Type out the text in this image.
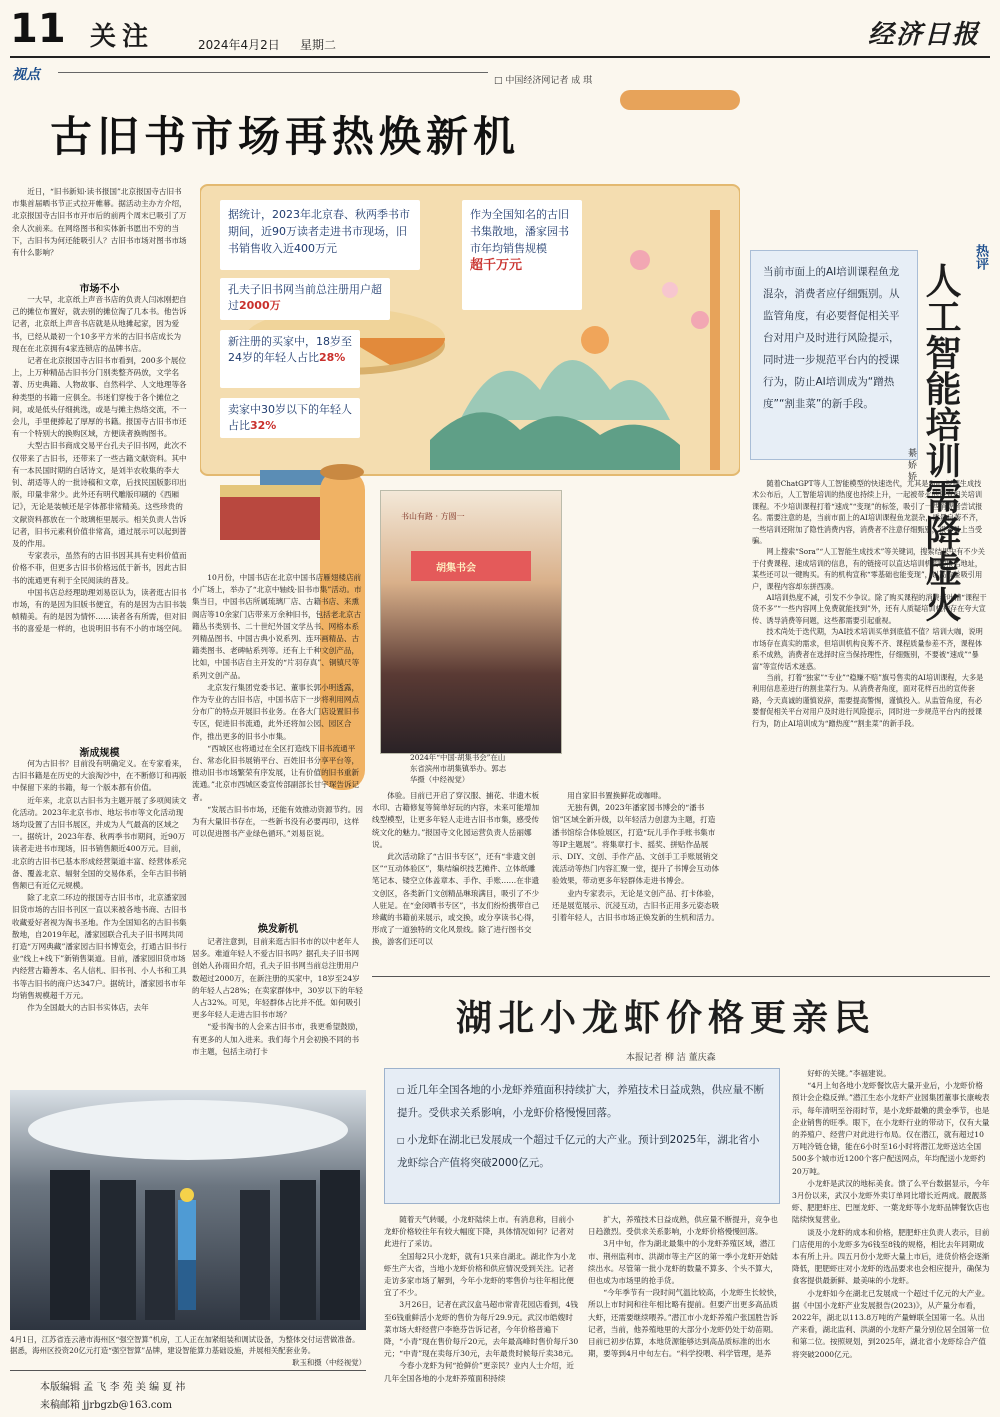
11 关注	2024年4月2日 星期二	经济日报
视点	□ 中国经济网记者 成 琪
古旧书市场再热焕新机
据统计，2023年北京春、秋两季书市期间，近90万读者走进书市现场，旧书销售收入近400万元
作为全国知名的古旧书集散地，潘家园书市年均销售规模
超千万元
孔夫子旧书网当前总注册用户超过2000万
新注册的买家中，18岁至24岁的年轻人占比28%
卖家中30岁以下的年轻人占比32%
书山有路 · 方圆一
胡集书会
2024年“中国·胡集书会”在山东省滨州市胡集镇举办。郭志华摄（中经视觉）

近日，“旧书新知·读书报国”北京报国寺古旧书市集首届晒书节正式拉开帷幕。据活动主办方介绍，北京报国寺古旧书市开市后的前两个周末已吸引了万余人次前来。在网络图书和实体新书愿出不穷的当下，古旧书为何还能吸引人？古旧书市场对图书市场有什么影响？

市场不小

一大早，北京纸上声音书店的负责人闫冰刚把自己的摊位布置好，就去别的摊位淘了几本书。他告诉记者，北京纸上声音书店就是从地摊起家，因为爱书，已经从最初一个10多平方米的古旧书店成长为现在在北京拥有4家连锁店的品牌书店。

记者在北京报国寺古旧书市看到，200多个展位上，上万种精品古旧书分门别类整齐码放，文学名著、历史典籍、人物故事、自然科学、人文地理等各种类型的书籍一应俱全。书迷们穿梭于各个摊位之间，或是低头仔细挑选，或是与摊主热络交流，不一会儿，手里便捧起了厚厚的书籍。报国寺古旧书市还有一个特别大的换购区域，方便读者换购图书。

大型古旧书商成交易平台孔夫子旧书网，此次不仅带来了古旧书，还带来了一些古籍文献资料。其中有一本民国时期的白话诗文，是刘半农收集的李大钊、胡适等人的一批诗稿和文章，后找民国版影印出版，印量非常少。此外还有明代雕版印刷的《西厢记》，无论是装帧还是字体都非常精美。这些珍贵的文献资料都放在一个玻璃柜里展示。相关负责人告诉记者，旧书元素利价值非常高，通过展示可以起到普及的作用。

专家表示，虽然有的古旧书因其具有史料价值而价格不菲，但更多古旧书价格远低于新书，因此古旧书的流通更有利于全民阅读的普及。

中国书店总经理助理刘易臣认为，读者逛古旧书市场，有的是因为旧版书便宜，有的是因为古旧书装帧精美。有的是因为情怀……读者各有所需，但对旧书的喜爱是一样的，也说明旧书有不小的市场空间。

渐成规模

何为古旧书？目前没有明确定义。在专家看来，古旧书籍是在历史的大浪淘沙中，在不断修订和再版中保留下来的书籍，每一个版本都有价值。

近年来，北京以古旧书为主题开展了多项阅读文化活动。2023年北京书市、地坛书市等文化活动现场均设置了古旧书展区，并成为人气最高的区域之一。据统计，2023年春、秋两季书市期间，近90万读者走进书市现场，旧书销售额近400万元。目前，北京的古旧书已基本形成经营渠道丰富、经营体系完备、覆盖北京、辐射全国的交易体系，全年古旧书销售额已有近亿元规模。

除了北京二环边的报国寺古旧书市，北京潘家园旧货市场的古旧书刊区一直以来被各地书商、古旧书收藏爱好者视为淘书圣地。作为全国知名的古旧书集散地，自2019年起，潘家园联合孔夫子旧书网共同打造“万网典藏”潘家园古旧书博览会，打通古旧书行业“线上+线下”新销售渠道。目前，潘家园旧货市场内经营古籍善本、名人信札、旧书刊、小人书和工具书等古旧书的商户达347户。据统计，潘家园书市年均销售规模超千万元。

作为全国最大的古旧书实体店，去年

10月份，中国书店在北京中国书店雁翅楼店前小广场上，举办了“北京中轴线·旧书市集”活动。市集当日，中国书店所属琉璃厂店、古籍书店、来熏阁店等10余家门店带来万余种旧书，包括老北京古籍丛书类别书、二十世纪外国文学丛书、网格本系列精品图书、中国古典小说系列、连环画精品、古籍类图书、老碑帖系列等。还有上千种文创产品，比如，中国书店自主开发的“片羽存真”、铜镇尺等系列文创产品。

北京发行集团党委书记、董事长郭小明透露，作为专业的古旧书店，中国书店下一步将利用网点分布广的特点开展旧书业务。在各大门店设置旧书专区，促进旧书流通，此外还将加公园、园区合作，推出更多的旧书小市集。

“西城区也将通过在全区打造线下旧书流通平台、常态化旧书展销平台、百姓旧书分享平台等，推动旧书市场繁荣有序发展，让有价值的旧书重新流通。”北京市西城区委宣传部副部长甘宇琛告诉记者。

“发展古旧书市场，还能有效推动资源节约。因为有大量旧书存在，一些新书没有必要再印，这样可以促进图书产业绿色循环。”刘易臣说。

焕发新机

记者注意到，目前来逛古旧书市的以中老年人居多。难道年轻人不爱古旧书吗？据孔夫子旧书网创始人孙雨田介绍，孔夫子旧书网当前总注册用户数超过2000万，在新注册的买家中，18岁至24岁的年轻人占28%；在卖家群体中，30岁以下的年轻人占32%。可见，年轻群体占比并不低。如何吸引更多年轻人走进古旧书市场？

“爱书淘书的人会来古旧书市，我更希望鼓励，有更多的人加入进来。我们每个月会初换不同的书市主题，包括主动打卡

体验。目前已开启了穿汉服、捕花、非遗木板水印、古籍修复等简单好玩的内容，未来可能增加线型模型，让更多年轻人走进古旧书市集，感受传统文化的魅力。”报国寺文化园运营负责人岳丽娜说。

此次活动除了“古旧书专区”，还有“非遗文创区”“互动体验区”，集结编织技艺摊件、立体纸雕笔记本、镂空立体盖章本、手作、手账……在非遗文创区，各类新门文创精品琳琅满目，吸引了不少人驻足。在“金闵晒书专区”，书友们纷纷携带自己珍藏的书籍前来展示，或交换，或分享读书心得，形成了一道独特的文化风景线。除了进行图书交换，游客们还可以

用自家旧书置换鲜花或咖啡。

无独有偶，2023年潘家园书博会的“潘书馆”区域全新升级，以年轻活力创意为主题，打造潘书馆综合体验展区，打造“玩儿手作手账书集市等IP主题展”。将集章打卡、摇奖、拼贴作品展示、DIY、文创、手作产品、文创手工手账展销交流活动等热门内容汇聚一堂，提升了书博会互动体验效果，带动更多年轻群体走进书博会。

业内专家表示，无论是文创产品、打卡体验，还是展览展示、沉浸互动，古旧书正用多元姿态吸引着年轻人，古旧书市场正焕发新的生机和活力。

热评
人工智能培训需降虚火
当前市面上的AI培训课程鱼龙混杂，消费者应仔细甄别。从监管角度，有必要督促相关平台对用户及时进行风险提示，同时进一步规范平台内的授课行为，防止AI培训成为“蹭热度”“割韭菜”的新手段。
綦 娇 娇

随着ChatGPT等人工智能模型的快速迭代，尤其是Sora视频生成技术公布后，人工智能培训的热度也持续上升，一起被带火的还有相关培训课程。不少培训课程打着“速成”“变现”的标签，吸引了一些消费者尝试报名。需要注意的是，当前市面上的AI培训课程鱼龙混杂，质量良莠不齐，一些培训还附加了隐性消费内容，消费者不注意仔细甄别，很容易上当受骗。

网上搜索“Sora”“人工智能生成技术”等关键词，搜索结果中有不少关于付费课程、速成培训的信息，有的链接可以直达培训机构的报名地址，某些还可以一键购买。有的机构宣称“零基础也能变现”，以高收益吸引用户，课程内容却东拼西凑。

AI培训热度不减，引发不少争议。除了购买课程的消费者吐槽“课程干货不多”“一些内容网上免费就能找到”外，还有人质疑培训机构存在夸大宣传、诱导消费等问题，这些都需要引起重视。

技术尚处于迭代期，为AI技术培训买单到底值不值？培训大咖，说明市场存在真实的需求，但培训机构良莠不齐、课程质量参差不齐，课程体系不成熟，消费者在选择时应当保持理性，仔细甄别，不要被“速成”“暴富”等宣传话术迷惑。

当前，打着“独家”“专业”“稳赚不赔”旗号售卖的AI培训课程，大多是利用信息差进行的割韭菜行为。从消费者角度，面对花样百出的宣传套路，今天真诚的谨慎说辞，需要提高警惕，谨慎投入。从监管角度，有必要督促相关平台对用户及时进行风险提示，同时进一步规范平台内的授课行为，防止AI培训成为“蹭热度”“割韭菜”的新手段。

湖北小龙虾价格更亲民
本报记者 柳 洁 董庆森
□ 近几年全国各地的小龙虾养殖面积持续扩大，养殖技术日益成熟，供应量不断提升。受供求关系影响，小龙虾价格慢慢回落。
□ 小龙虾在湖北已发展成一个超过千亿元的大产业。预计到2025年，湖北省小龙虾综合产值将突破2000亿元。

随着天气转暖，小龙虾陆续上市。有消息称，目前小龙虾价格较往年有较大幅度下降，具体情况如何？记者对此进行了采访。

全国每2只小龙虾，就有1只来自湖北。湖北作为小龙虾生产大省，当地小龙虾价格和供应情况受到关注。记者走访多家市场了解到，今年小龙虾的零售价与往年相比便宜了不少。

3月26日，记者在武汉盒马超市常青花园店看到，4钱至6钱重鲜活小龙虾的售价为每斤29.9元。武汉市皓嫂时菜市场大虾经营户李艳芬告诉记者，今年价格普遍下降，“小青”现在售价每斤20元，去年最高峰时售价每斤30元；“中青”现在卖每斤30元，去年最贵时候每斤卖38元。

今春小龙虾为何“抢鲜价”更亲民？业内人士介绍，近几年全国各地的小龙虾养殖面积持续

扩大，养殖技术日益成熟，供应量不断提升，竞争也日趋激烈。受供求关系影响，小龙虾价格慢慢回落。

3月中旬，作为湖北最集中的小龙虾养殖区域，潜江市、荆州监利市、洪湖市等主产区的第一季小龙虾开始陆续出水。尽管第一批小龙虾的数量不算多、个头不算大，但也成为市场里的抢手货。

“今年季节有一段时间气温比较高，小龙虾生长较快，所以上市时间和往年相比略有提前。但要产出更多高品质大虾，还需要继续喂养。”潜江市小龙虾养殖户张国胜告诉记者，当前，他养殖地里的大部分小龙虾仍处于幼苗期。目前已初步估算，本地货源能够达到高品质标准的出水期，要等到4月中旬左右。“科学投喂、科学管理，是养

好虾的关键。”李福建说。

“4月上旬各地小龙虾餐饮店大量开业后，小龙虾价格预计会企稳反弹。”潜江生态小龙虾产业园集团董事长康峻表示，每年清明至谷雨时节，是小龙虾最嫩的黄金季节，也是企业销售的旺季。眼下，在小龙虾行业的带动下，仅有大量的养殖户、经营户对此进行布局。仅在潜江，就有超过10万吨冷链仓储，能在6小时至16小时将潜江龙虾送达全国500多个城市近1200个客户配送网点，年均配送小龙虾约20万吨。

小龙虾是武汉的地标美食。馈了么平台数据显示，今年3月份以来，武汉小龙虾外卖订单同比增长近两成。靓靓蒸虾、肥肥虾庄、巴厘龙虾、一葉龙虾等小龙虾品牌餐饮店也陆续恢复营业。

谈及小龙虾的成本和价格，肥肥虾庄负责人表示，目前门店使用的小龙虾多为6钱至8钱的规格，相比去年同期成本有所上升。四五月份小龙虾大量上市后，进货价格会逐渐降低，肥肥虾庄对小龙虾的选品要求也会相应提升，确保为食客提供最新鲜、最美味的小龙虾。

小龙虾如今在湖北已发展成一个超过千亿元的大产业。据《中国小龙虾产业发展报告(2023)》，从产量分布看，2022年，湖北以113.8万吨的产量蝉联全国第一名。从出产来看，湖北监利、洪湖的小龙虾产量分别位居全国第一位和第二位。按照规划，到2025年，湖北省小龙虾综合产值将突破2000亿元。

4月1日，江苏省连云港市海州区“强空智算”机房，工人正在加紧组装和调试设备，为整体交付运营做准备。据悉，海州区投资20亿元打造“强空智算”品牌，建设智能算力基础设施，并展相关配套业务。
耿玉和摄（中经视觉）
本版编辑 孟 飞 李 苑 美 编 夏 祎
来稿邮箱 jjrbgzb@163.com
